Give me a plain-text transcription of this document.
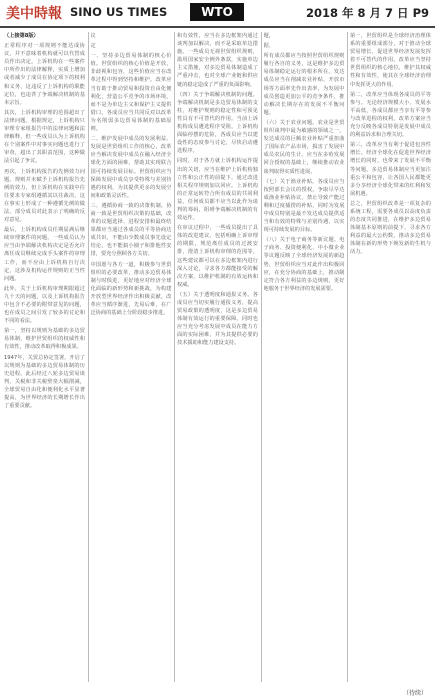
美中時報 SINO US TIMES	WTO	2018 年 8 月 7 日 P9

（上接第8版）

正常程序对一项规则不能达成协议，并不意味着机构就可以代替成员作出决定。上诉机构在一些案件中所作出的法律解释，实质上增加或者减少了成员在协定项下的权利和义务，这违反了上诉机构的职能定位，也违背了争端解决机制的基本宗旨。

其次，上诉机构审理的范围超出了法律问题。根据规定，上诉机构只审理专家组报告中的法律问题和法律解释，但一些成员认为上诉机构在个别案件中对事实问题也进行了审查，超出了其职责范围，这种做法引起了争议。

再次，上诉机构报告的先例效力问题。规则并未赋予上诉机构报告先例的效力，但上诉机构在实践中往往要求专家组遵循其以往裁决，这在事实上形成了一种遵循先例的做法，部分成员对此表示了明确的反对意见。

最后，上诉机构成员任期届满后继续审理案件的问题。一些成员认为应当由争端解决机构决定是否允许离任成员继续完成手头案件的审理工作，而不应由上诉机构自行决定，这涉及机构运作规则的正当性问题。

此外，关于上诉机构审理期限超过九十天的问题，以及上诉机构报告中包含不必要的附带意见的问题，也在成员之间引发了较多的讨论和不同的看法。

第一，坚持以规则为基础的多边贸易体制，维护世贸组织的权威性和有效性，推动改革取得积极成果。

1947年，关贸总协定签署，开启了以规则为基础的多边贸易体制的历史进程。此后经过八轮多边贸易谈判，关税和非关税壁垒大幅削减，全球贸易自由化和便利化水平显著提高，为世界经济的长期增长作出了重要贡献。

议

定

一、坚持多边贸易体制的核心价值。世贸组织的核心价值是开放、非歧视和包容，这些价值应当在改革过程中得到坚持和维护。改革应当有助于推动贸易和投资自由化便利化，营造公平竞争的市场环境，而不是为单边主义和保护主义提供借口。各成员应当共同反对以改革为名削弱多边贸易体制的基础原则。

二、维护发展中成员的发展利益。发展是世贸组织工作的核心，改革应当解决发展中成员在融入经济全球化方面的困难，帮助其实现联合国可持续发展目标。世贸组织应当保障发展中成员享受特殊与差别待遇的权利，为其提供更多的发展空间和政策灵活性。

三、遵循协商一致的决策机制。协商一致是世贸组织决策的基础，改革的议题选择、进程安排和最终结果都应当通过各成员的平等协商达成共识，不能由少数成员事先设定结论，也不能搞小圈子和排他性安排，要充分照顾各方关切。

中国愿与各方一道，积极参与世贸组织的必要改革，推动多边贸易体制与时俱进，更好地应对经济全球化面临的新形势和新挑战，为构建开放型世界经济作出积极贡献。改革应当循序渐进，先易后难，在广泛协商的基础上分阶段稳步推进。

和有效性，应当在多边框架内通过谈判加以解决，而不是采取单边措施。一些成员无视世贸组织规则，滥用国家安全例外条款，实施单边主义措施，对多边贸易体制造成了严重冲击，也对全球产业链和供应链的稳定造成了严重的负面影响。

（四）关于争端解决机制的问题。争端解决机制是多边贸易体制的支柱，对维护规则的稳定性和可预见性具有不可替代的作用。当前上诉机构成员遴选程序受阻，上诉机构面临停摆的危险，各成员应当以建设性的态度参与讨论，尽快启动遴选程序。

同时，对于各方就上诉机构运作提出的关切，应当在维护上诉机构独立性和公正性的前提下，通过改进相关程序规则加以回应。上诉机构的正常运转符合所有成员的共同利益，任何成员都不应当以此作为谈判的筹码，阻碍争端解决机制的有效运作。

在审议过程中，一些成员提出了具体的改进建议，包括明确上诉审理的期限，规范离任成员的过渡安排，澄清上诉机构审理的范围等，这些建议都可以在多边框架内进行深入讨论，寻求各方都能接受的解决方案，以维护机制的有效运转和权威。

（五）关于透明度和通报义务。各成员应当切实履行通报义务，提高贸易政策的透明度，这是多边贸易体制有效运行的重要保障。同时也应当充分考虑发展中成员在能力方面的实际困难，并为其提供必要的技术援助和能力建设支持。

题，

据、

所有成员都应当按照世贸组织规则履行各自的义务，这是维护多边贸易体制稳定运行的根本所在。发达成员应当在削减农业补贴、开放市场等方面率先作出表率，为发展中成员创造更加公平的竞争条件，推动解决长期存在的发展不平衡问题。

（六）关于农业问题。农业是世贸组织谈判中最为敏感的领域之一，发达成员的巨额农业补贴严重扭曲了国际农产品市场，损害了发展中成员农民的生计。应当在多哈发展回合授权的基础上，继续推动农业谈判取得实质性进展。

（七）关于渔业补贴。各成员应当按照部长会议的授权，争取尽早达成渔业补贴协议，禁止导致产能过剩和过度捕捞的补贴，同时为发展中成员特别是最不发达成员提供适当和有效的特殊与差别待遇，以实现可持续发展的目标。

（八）关于电子商务等新议题。电子商务、投资便利化、中小微企业等议题反映了全球经济发展的新趋势，世贸组织应当对此作出积极回应，在充分协商的基础上，推动制定符合各方利益的多边规则，更好地服务于世界经济的发展需要。

第一，世贸组织是全球经济治理体系的重要组成部分，对于推动全球贸易增长、促进世界经济发展发挥着不可替代的作用。改革应当坚持世贸组织的核心地位，维护其权威性和有效性，使其在全球经济治理中发挥更大的作用。

第二，改革应当体现各成员的平等参与。无论经济规模大小、发展水平高低，各成员都应当享有平等参与改革进程的权利，改革方案应当充分反映各成员特别是发展中成员的利益诉求和合理关切。

第三，改革应当有利于促进包容性增长。经济全球化在促进世界经济增长的同时，也带来了发展不平衡等问题，多边贸易体制应当更加注重公平和包容，让各国人民都能更多分享经济全球化带来的红利和发展机遇。

总之，世贸组织改革是一项复杂的系统工程，需要各成员以高度负责的态度共同推进，在维护多边贸易体制基本原则的前提下，寻求各方利益的最大公约数，推动多边贸易体制在新的形势下焕发新的生机与活力。

（待续）
